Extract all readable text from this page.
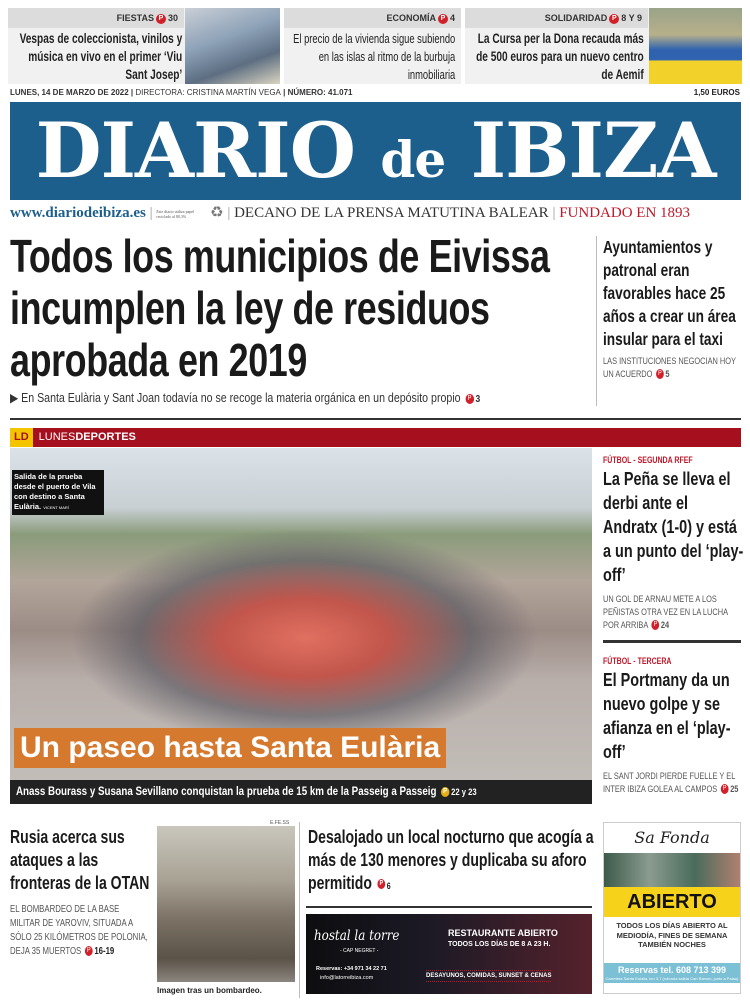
FIESTAS P 30
Vespas de coleccionista, vinilos y música en vivo en el primer ‘Viu Sant Josep’
ECONOMÍA P 4
El precio de la vivienda sigue subiendo en las islas al ritmo de la burbuja inmobiliaria
SOLIDARIDAD P 8 Y 9
La Cursa per la Dona recauda más de 500 euros para un nuevo centro de Aemif
LUNES, 14 DE MARZO DE 2022 | DIRECTORA: CRISTINA MARTÍN VEGA | NÚMERO: 41.071	1,50 EUROS
DIARIO de IBIZA
www.diariodeibiza.es | Este diario utiliza papel reciclado al 80,3% ♻ | DECANO DE LA PRENSA MATUTINA BALEAR | FUNDADO EN 1893
Todos los municipios de Eivissa incumplen la ley de residuos aprobada en 2019
▶ En Santa Eulària y Sant Joan todavía no se recoge la materia orgánica en un depósito propio P 3
Ayuntamientos y patronal eran favorables hace 25 años a crear un área insular para el taxi
LAS INSTITUCIONES NEGOCIAN HOY UN ACUERDO P 5
LD LUNESDEPORTES
Salida de la prueba desde el puerto de Vila con destino a Santa Eulària. VICENT MARÍ
Un paseo hasta Santa Eulària
Anass Bourass y Susana Sevillano conquistan la prueba de 15 km de la Passeig a Passeig P 22 y 23
FÚTBOL - SEGUNDA RFEF
La Peña se lleva el derbi ante el Andratx (1-0) y está a un punto del ‘play-off’
UN GOL DE ARNAU METE A LOS PEÑISTAS OTRA VEZ EN LA LUCHA POR ARRIBA P 24
FÚTBOL - TERCERA
El Portmany da un nuevo golpe y se afianza en el ‘play-off’
EL SANT JORDI PIERDE FUELLE Y EL INTER IBIZA GOLEA AL CAMPOS P 25
Rusia acerca sus ataques a las fronteras de la OTAN
EL BOMBARDEO DE LA BASE MILITAR DE YAROVIV, SITUADA A SÓLO 25 KILÓMETROS DE POLONIA, DEJA 35 MUERTOS P 16-19
E.FE.SS
Imagen tras un bombardeo.
Desalojado un local nocturno que acogía a más de 130 menores y duplicaba su aforo permitido P 6
hostal la torre
- CAP NEGRET -
RESTAURANTE ABIERTO
TODOS LOS DÍAS DE 8 A 23 H.
Reservas: +34 971 34 22 71
info@latorreibiza.com	DESAYUNOS, COMIDAS, SUNSET & CENAS
Sa Fonda
ABIERTO
TODOS LOS DÍAS ABIERTO AL MEDIODÍA, FINES DE SEMANA TAMBIÉN NOCHES
Reservas tel. 608 713 399
Carretera Santa Eulalia, km 3,7 (rotonda salida Can Ramon, junto a Palau)
